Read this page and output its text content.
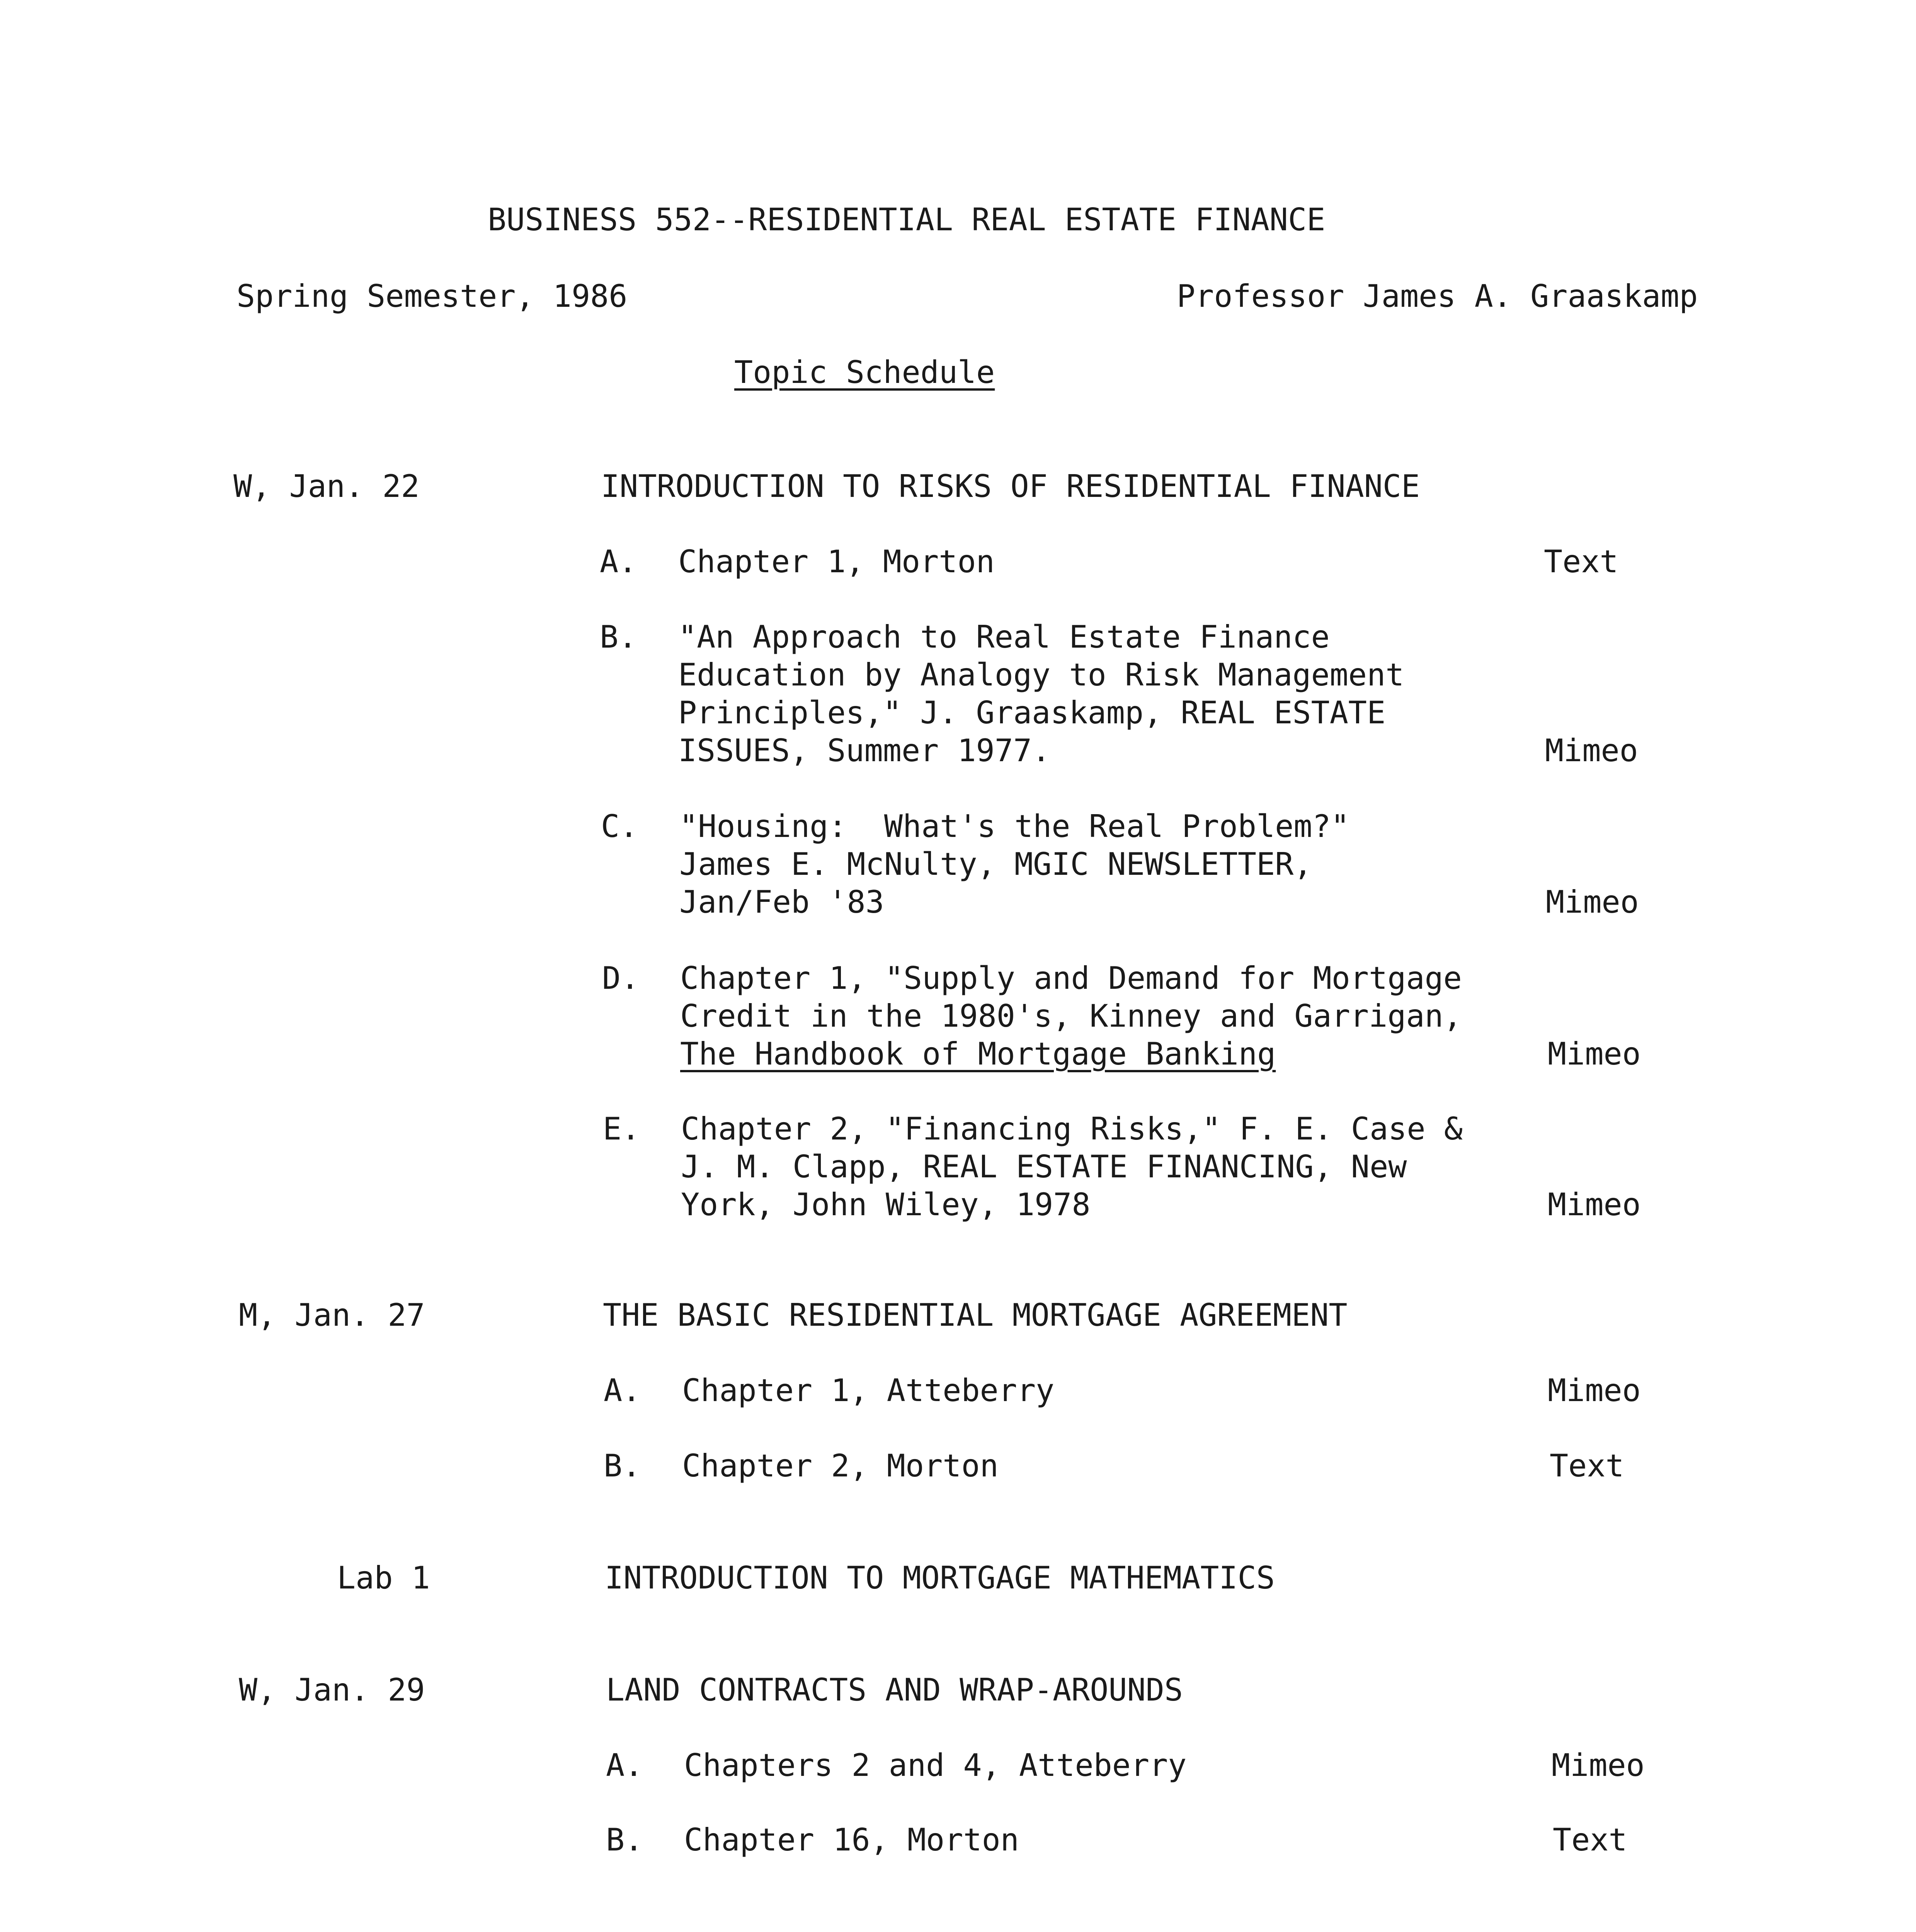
BUSINESS 552--RESIDENTIAL REAL ESTATE FINANCE
Spring Semester, 1986	Professor James A. Graaskamp
Topic Schedule
W, Jan. 22	INTRODUCTION TO RISKS OF RESIDENTIAL FINANCE
A. Chapter 1, Morton	Text
B. "An Approach to Real Estate Finance
Education by Analogy to Risk Management
Principles," J. Graaskamp, REAL ESTATE
ISSUES, Summer 1977.	Mimeo
C. "Housing:  What's the Real Problem?"
James E. McNulty, MGIC NEWSLETTER,
Jan/Feb '83	Mimeo
D. Chapter 1, "Supply and Demand for Mortgage
Credit in the 1980's, Kinney and Garrigan,
The Handbook of Mortgage Banking	Mimeo
E. Chapter 2, "Financing Risks," F. E. Case &
J. M. Clapp, REAL ESTATE FINANCING, New
York, John Wiley, 1978	Mimeo
M, Jan. 27	THE BASIC RESIDENTIAL MORTGAGE AGREEMENT
A. Chapter 1, Atteberry	Mimeo
B. Chapter 2, Morton	Text
Lab 1	INTRODUCTION TO MORTGAGE MATHEMATICS
W, Jan. 29	LAND CONTRACTS AND WRAP-AROUNDS
A. Chapters 2 and 4, Atteberry	Mimeo
B. Chapter 16, Morton	Text
